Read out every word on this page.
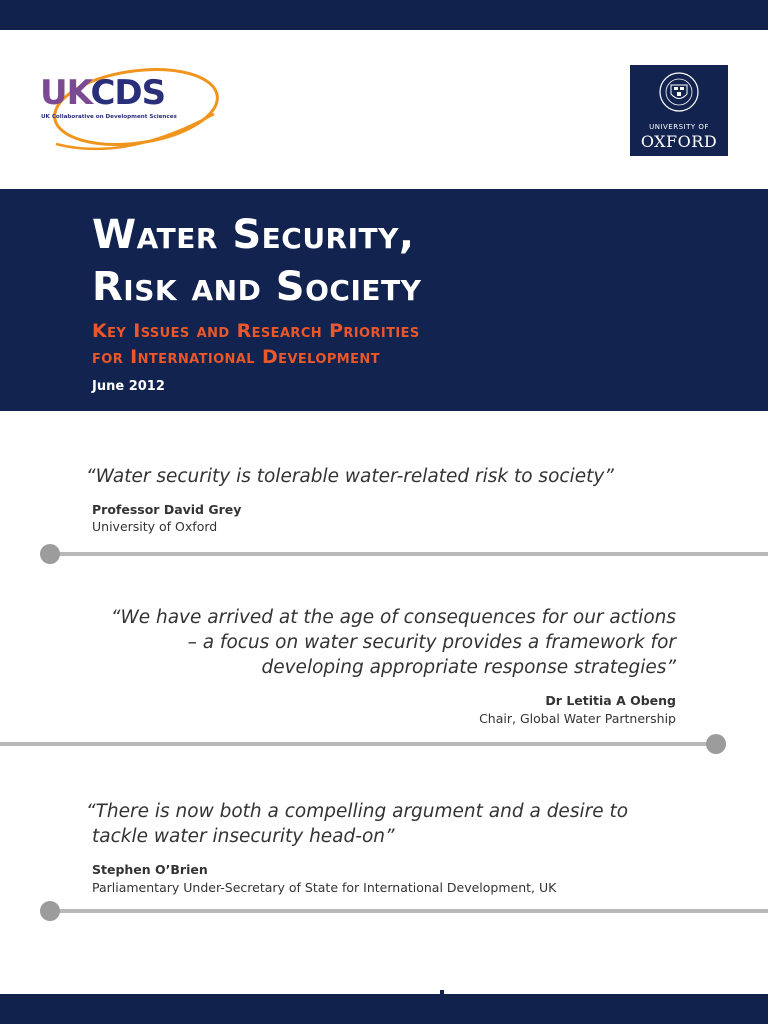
UKCDS
UK Collaborative on Development Sciences
UNIVERSITY OF
OXFORD
Water Security,
Risk and Society
Key Issues and Research Priorities
for International Development
June 2012
“Water security is tolerable water-related risk to society”
Professor David Grey
University of Oxford
“We have arrived at the age of consequences for our actions
– a focus on water security provides a framework for
developing appropriate response strategies”
Dr Letitia A Obeng
Chair, Global Water Partnership
“There is now both a compelling argument and a desire to
tackle water insecurity head-on”
Stephen O’Brien
Parliamentary Under-Secretary of State for International Development, UK
